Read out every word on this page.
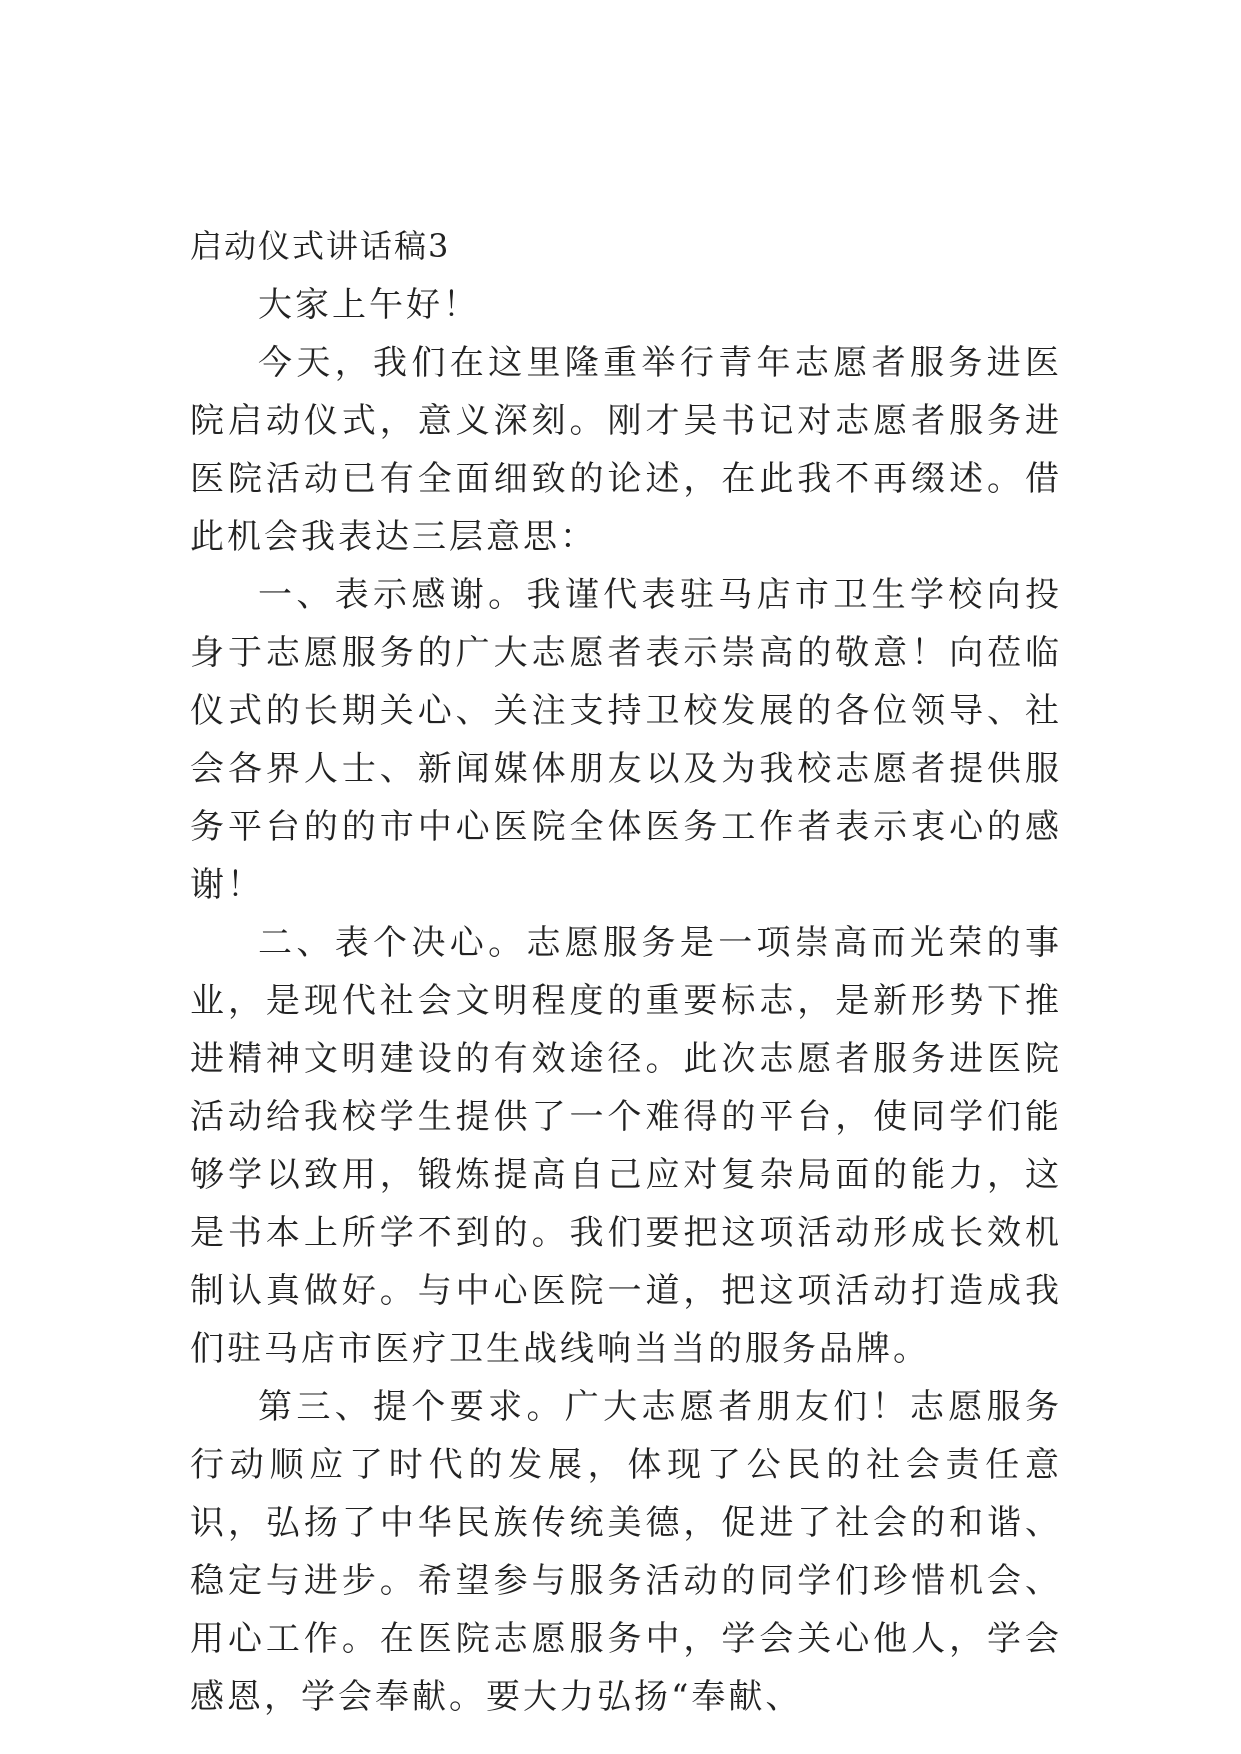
启动仪式讲话稿3

大家上午好！

今天，我们在这里隆重举行青年志愿者服务进医院启动仪式，意义深刻。刚才吴书记对志愿者服务进医院活动已有全面细致的论述，在此我不再缀述。借此机会我表达三层意思：

一、表示感谢。我谨代表驻马店市卫生学校向投身于志愿服务的广大志愿者表示崇高的敬意！向莅临仪式的长期关心、关注支持卫校发展的各位领导、社会各界人士、新闻媒体朋友以及为我校志愿者提供服务平台的的市中心医院全体医务工作者表示衷心的感谢！

二、表个决心。志愿服务是一项崇高而光荣的事业，是现代社会文明程度的重要标志，是新形势下推进精神文明建设的有效途径。此次志愿者服务进医院活动给我校学生提供了一个难得的平台，使同学们能够学以致用，锻炼提高自己应对复杂局面的能力，这是书本上所学不到的。我们要把这项活动形成长效机制认真做好。与中心医院一道，把这项活动打造成我们驻马店市医疗卫生战线响当当的服务品牌。

第三、提个要求。广大志愿者朋友们！志愿服务行动顺应了时代的发展，体现了公民的社会责任意识，弘扬了中华民族传统美德，促进了社会的和谐、稳定与进步。希望参与服务活动的同学们珍惜机会、用心工作。在医院志愿服务中，学会关心他人，学会感恩，学会奉献。要大力弘扬“奉献、
